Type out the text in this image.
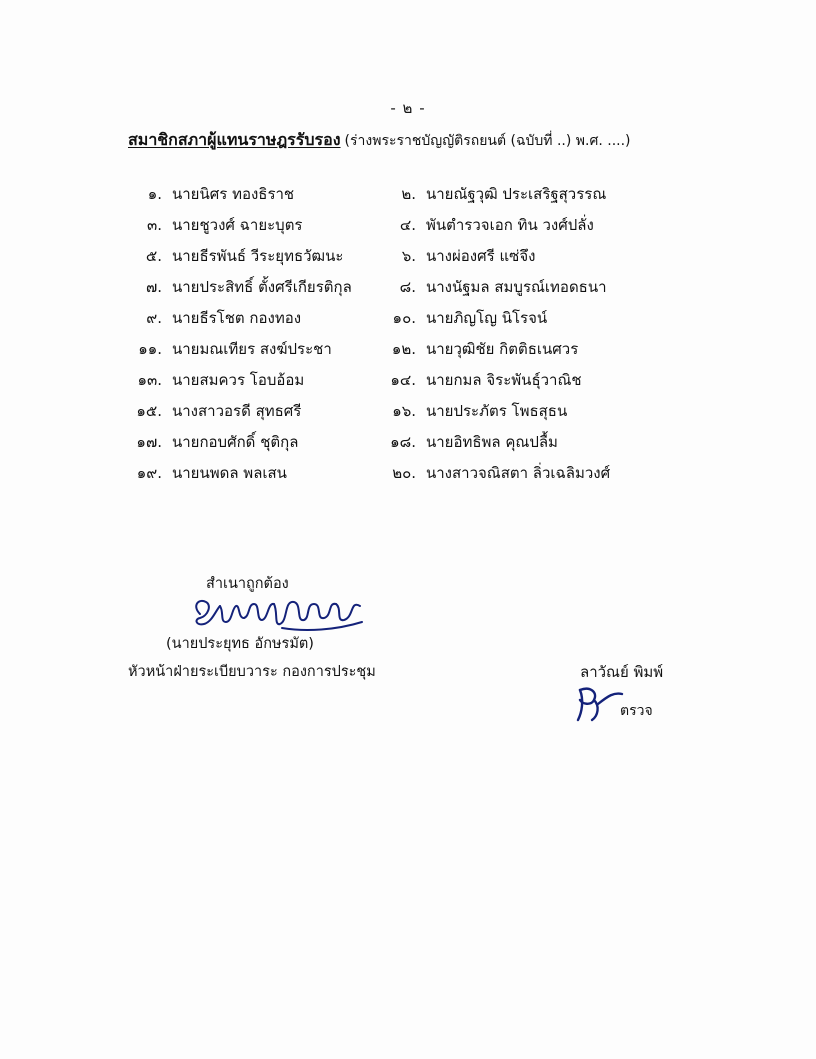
- ๒ -
สมาชิกสภาผู้แทนราษฎรรับรอง (ร่างพระราชบัญญัติรถยนต์ (ฉบับที่ ..) พ.ศ. ....)
๑. นายนิศร ทองธิราช	๒. นายณัฐวุฒิ ประเสริฐสุวรรณ
๓. นายชูวงศ์ ฉายะบุตร	๔. พันตำรวจเอก ทิน วงศ์ปลั่ง
๕. นายธีรพันธ์ วีระยุทธวัฒนะ	๖. นางผ่องศรี แซ่จึง
๗. นายประสิทธิ์ ตั้งศรีเกียรติกุล	๘. นางนัฐมล สมบูรณ์เทอดธนา
๙. นายธีรโชต กองทอง	๑๐. นายภิญโญ นิโรจน์
๑๑. นายมณเทียร สงฆ์ประชา	๑๒. นายวุฒิชัย กิตติธเนศวร
๑๓. นายสมควร โอบอ้อม	๑๔. นายกมล จิระพันธุ์วาณิช
๑๕. นางสาวอรดี สุทธศรี	๑๖. นายประภัตร โพธสุธน
๑๗. นายกอบศักดิ์ ชุติกุล	๑๘. นายอิทธิพล คุณปลื้ม
๑๙. นายนพดล พลเสน	๒๐. นางสาวจณิสตา ลิ่วเฉลิมวงศ์
สำเนาถูกต้อง
(นายประยุทธ อักษรมัต)
หัวหน้าฝ่ายระเบียบวาระ กองการประชุม	ลาวัณย์ พิมพ์
ตรวจ
